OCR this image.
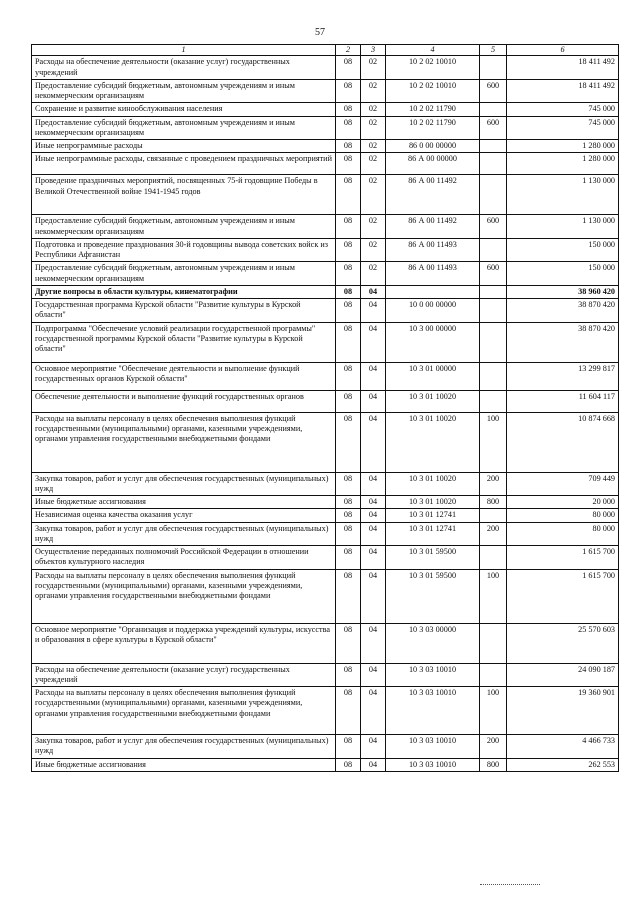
57
1	2	3	4	5	6
Расходы на обеспечение деятельности (оказание услуг) государственных учреждений	08	02	10 2 02 10010		18 411 492
Предоставление субсидий бюджетным, автономным учреждениям и иным некоммерческим организациям	08	02	10 2 02 10010	600	18 411 492
Сохранение и развитие кинообслуживания населения	08	02	10 2 02 11790		745 000
Предоставление субсидий бюджетным, автономным учреждениям и иным некоммерческим организациям	08	02	10 2 02 11790	600	745 000
Иные непрограммные расходы	08	02	86 0 00 00000		1 280 000
Иные непрограммные расходы, связанные с проведением праздничных мероприятий	08	02	86 А 00 00000		1 280 000
Проведение праздничных мероприятий, посвященных 75-й годовщине Победы в Великой Отечественной войне 1941-1945 годов	08	02	86 А 00 11492		1 130 000
Предоставление субсидий бюджетным, автономным учреждениям и иным некоммерческим организациям	08	02	86 А 00 11492	600	1 130 000
Подготовка и проведение празднования 30-й годовщины вывода советских войск из Республики Афганистан	08	02	86 А 00 11493		150 000
Предоставление субсидий бюджетным, автономным учреждениям и иным некоммерческим организациям	08	02	86 А 00 11493	600	150 000
Другие вопросы в области культуры, кинематографии	08	04			38 960 420
Государственная программа Курской области "Развитие культуры в Курской области"	08	04	10 0 00 00000		38 870 420
Подпрограмма "Обеспечение условий реализации государственной программы" государственной программы Курской области "Развитие культуры в Курской области"	08	04	10 3 00 00000		38 870 420
Основное мероприятие "Обеспечение деятельности и выполнение функций государственных органов Курской области"	08	04	10 3 01 00000		13 299 817
Обеспечение деятельности и выполнение функций государственных органов	08	04	10 3 01 10020		11 604 117
Расходы на выплаты персоналу в целях обеспечения выполнения функций государственными (муниципальными) органами, казенными учреждениями, органами управления государственными внебюджетными фондами	08	04	10 3 01 10020	100	10 874 668
Закупка товаров, работ и услуг для обеспечения государственных (муниципальных) нужд	08	04	10 3 01 10020	200	709 449
Иные бюджетные ассигнования	08	04	10 3 01 10020	800	20 000
Независимая оценка качества оказания услуг	08	04	10 3 01 12741		80 000
Закупка товаров, работ и услуг для обеспечения государственных (муниципальных) нужд	08	04	10 3 01 12741	200	80 000
Осуществление переданных полномочий Российской Федерации в отношении объектов культурного наследия	08	04	10 3 01 59500		1 615 700
Расходы на выплаты персоналу в целях обеспечения выполнения функций государственными (муниципальными) органами, казенными учреждениями, органами управления государственными внебюджетными фондами	08	04	10 3 01 59500	100	1 615 700
Основное мероприятие "Организация и поддержка учреждений культуры, искусства и образования в сфере культуры в Курской области"	08	04	10 3 03 00000		25 570 603
Расходы на обеспечение деятельности (оказание услуг) государственных учреждений	08	04	10 3 03 10010		24 090 187
Расходы на выплаты персоналу в целях обеспечения выполнения функций государственными (муниципальными) органами, казенными учреждениями, органами управления государственными внебюджетными фондами	08	04	10 3 03 10010	100	19 360 901
Закупка товаров, работ и услуг для обеспечения государственных (муниципальных) нужд	08	04	10 3 03 10010	200	4 466 733
Иные бюджетные ассигнования	08	04	10 3 03 10010	800	262 553
